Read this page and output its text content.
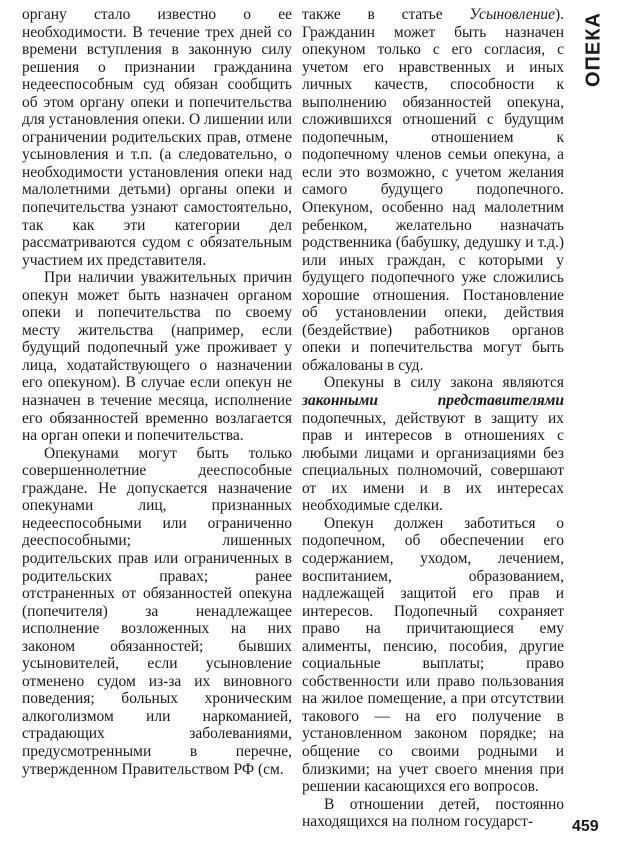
ОПЕКА

органу стало известно о ее необходимости. В течение трех дней со времени вступления в законную силу решения о признании гражданина недееспособным суд обязан сообщить об этом органу опеки и попечительства для установления опеки. О лишении или ограничении родительских прав, отмене усыновления и т.п. (а следовательно, о необходимости установления опеки над малолетними детьми) органы опеки и попечительства узнают самостоятельно, так как эти категории дел рассматриваются судом с обязательным участием их представителя.

При наличии уважительных причин опекун может быть назначен органом опеки и попечительства по своему месту жительства (например, если будущий подопечный уже проживает у лица, ходатайствующего о назначении его опекуном). В случае если опекун не назначен в течение месяца, исполнение его обязанностей временно возлагается на орган опеки и попечительства.

Опекунами могут быть только совершеннолетние дееспособные граждане. Не допускается назначение опекунами лиц, признанных недееспособными или ограниченно дееспособными; лишенных родительских прав или ограниченных в родительских правах; ранее отстраненных от обязанностей опекуна (попечителя) за ненадлежащее исполнение возложенных на них законом обязанностей; бывших усыновителей, если усыновление отменено судом из-за их виновного поведения; больных хроническим алкоголизмом или наркоманией, страдающих заболеваниями, предусмотренными в перечне, утвержденном Правительством РФ (см.

также в статье Усыновление). Гражданин может быть назначен опекуном только с его согласия, с учетом его нравственных и иных личных качеств, способности к выполнению обязанностей опекуна, сложившихся отношений с будущим подопечным, отношением к подопечному членов семьи опекуна, а если это возможно, с учетом желания самого будущего подопечного. Опекуном, особенно над малолетним ребенком, желательно назначать родственника (бабушку, дедушку и т.д.) или иных граждан, с которыми у будущего подопечного уже сложились хорошие отношения. Постановление об установлении опеки, действия (бездействие) работников органов опеки и попечительства могут быть обжалованы в суд.

Опекуны в силу закона являются законными представителями подопечных, действуют в защиту их прав и интересов в отношениях с любыми лицами и организациями без специальных полномочий, совершают от их имени и в их интересах необходимые сделки.

Опекун должен заботиться о подопечном, об обеспечении его содержанием, уходом, лечением, воспитанием, образованием, надлежащей защитой его прав и интересов. Подопечный сохраняет право на причитающиеся ему алименты, пенсию, пособия, другие социальные выплаты; право собственности или право пользования на жилое помещение, а при отсутствии такового — на его получение в установленном законом порядке; на общение со своими родными и близкими; на учет своего мнения при решении касающихся его вопросов.

В отношении детей, постоянно находящихся на полном государст-	459
